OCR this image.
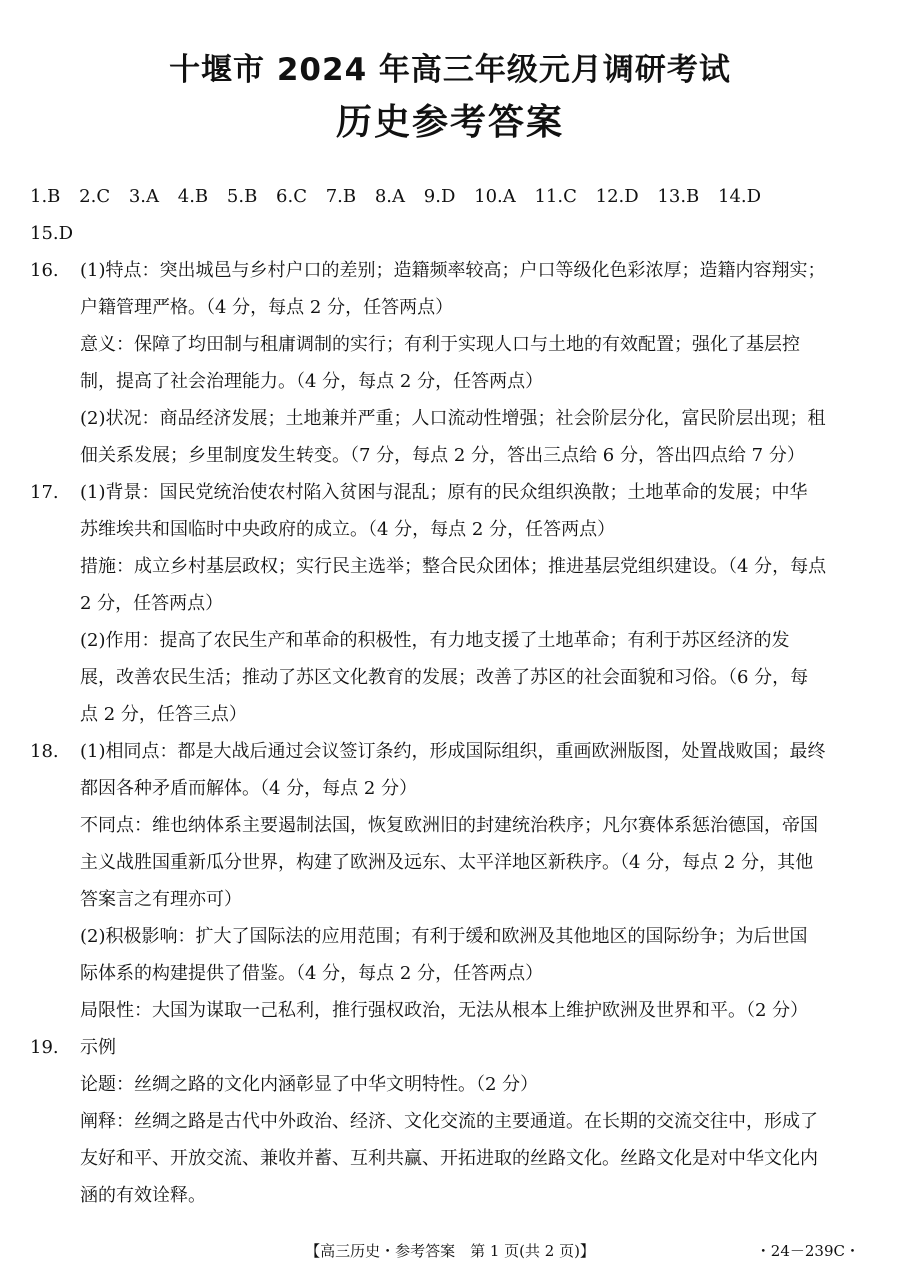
十堰市 2024 年高三年级元月调研考试
历史参考答案
1.B 2.C 3.A 4.B 5.B 6.C 7.B 8.A 9.D 10.A 11.C 12.D 13.B 14.D
15.D
16. (1)特点：突出城邑与乡村户口的差别；造籍频率较高；户口等级化色彩浓厚；造籍内容翔实；
户籍管理严格。（4 分，每点 2 分，任答两点）
意义：保障了均田制与租庸调制的实行；有利于实现人口与土地的有效配置；强化了基层控
制，提高了社会治理能力。（4 分，每点 2 分，任答两点）
(2)状况：商品经济发展；土地兼并严重；人口流动性增强；社会阶层分化，富民阶层出现；租
佃关系发展；乡里制度发生转变。（7 分，每点 2 分，答出三点给 6 分，答出四点给 7 分）
17. (1)背景：国民党统治使农村陷入贫困与混乱；原有的民众组织涣散；土地革命的发展；中华
苏维埃共和国临时中央政府的成立。（4 分，每点 2 分，任答两点）
措施：成立乡村基层政权；实行民主选举；整合民众团体；推进基层党组织建设。（4 分，每点
2 分，任答两点）
(2)作用：提高了农民生产和革命的积极性，有力地支援了土地革命；有利于苏区经济的发
展，改善农民生活；推动了苏区文化教育的发展；改善了苏区的社会面貌和习俗。（6 分，每
点 2 分，任答三点）
18. (1)相同点：都是大战后通过会议签订条约，形成国际组织，重画欧洲版图，处置战败国；最终
都因各种矛盾而解体。（4 分，每点 2 分）
不同点：维也纳体系主要遏制法国，恢复欧洲旧的封建统治秩序；凡尔赛体系惩治德国，帝国
主义战胜国重新瓜分世界，构建了欧洲及远东、太平洋地区新秩序。（4 分，每点 2 分，其他
答案言之有理亦可）
(2)积极影响：扩大了国际法的应用范围；有利于缓和欧洲及其他地区的国际纷争；为后世国
际体系的构建提供了借鉴。（4 分，每点 2 分，任答两点）
局限性：大国为谋取一己私利，推行强权政治，无法从根本上维护欧洲及世界和平。（2 分）
19. 示例
论题：丝绸之路的文化内涵彰显了中华文明特性。（2 分）
阐释：丝绸之路是古代中外政治、经济、文化交流的主要通道。在长期的交流交往中，形成了
友好和平、开放交流、兼收并蓄、互利共赢、开拓进取的丝路文化。丝路文化是对中华文化内
涵的有效诠释。
【高三历史・参考答案　第 1 页(共 2 页)】	・24－239C・
